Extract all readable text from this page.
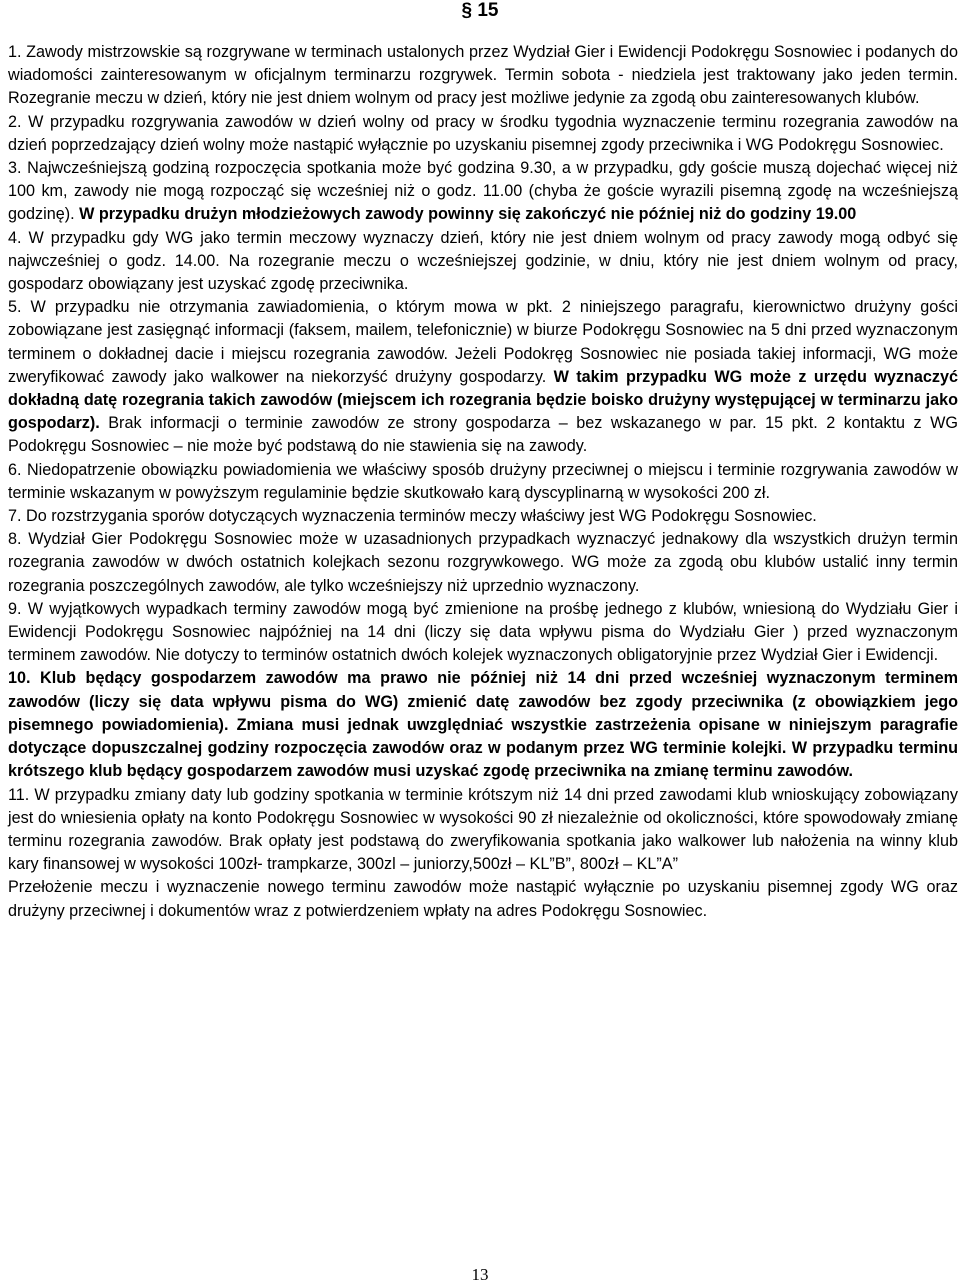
§ 15

1. Zawody mistrzowskie są rozgrywane w terminach ustalonych przez Wydział Gier i Ewidencji Podokręgu Sosnowiec i podanych do wiadomości zainteresowanym w oficjalnym terminarzu rozgrywek. Termin sobota - niedziela jest traktowany jako jeden termin. Rozegranie meczu w dzień, który nie jest dniem wolnym od pracy jest możliwe jedynie za zgodą obu zainteresowanych klubów.

2. W przypadku rozgrywania zawodów w dzień wolny od pracy w środku tygodnia wyznaczenie terminu rozegrania zawodów na dzień poprzedzający dzień wolny może nastąpić wyłącznie po uzyskaniu pisemnej zgody przeciwnika i WG Podokręgu Sosnowiec.

3. Najwcześniejszą godziną rozpoczęcia spotkania może być godzina 9.30, a w przypadku, gdy goście muszą dojechać więcej niż 100 km, zawody nie mogą rozpocząć się wcześniej niż o godz. 11.00 (chyba że goście wyrazili pisemną zgodę na wcześniejszą godzinę). W przypadku drużyn młodzieżowych zawody powinny się zakończyć nie później niż do godziny 19.00

4. W przypadku gdy WG jako termin meczowy wyznaczy dzień, który nie jest dniem wolnym od pracy zawody mogą odbyć się najwcześniej o godz. 14.00. Na rozegranie meczu o wcześniejszej godzinie, w dniu, który nie jest dniem wolnym od pracy, gospodarz obowiązany jest uzyskać zgodę przeciwnika.

5. W przypadku nie otrzymania zawiadomienia, o którym mowa w pkt. 2 niniejszego paragrafu, kierownictwo drużyny gości zobowiązane jest zasięgnąć informacji (faksem, mailem, telefonicznie) w biurze Podokręgu Sosnowiec na 5 dni przed wyznaczonym terminem o dokładnej dacie i miejscu rozegrania zawodów. Jeżeli Podokręg Sosnowiec nie posiada takiej informacji, WG może zweryfikować zawody jako walkower na niekorzyść drużyny gospodarzy. W takim przypadku WG może z urzędu wyznaczyć dokładną datę rozegrania takich zawodów (miejscem ich rozegrania będzie boisko drużyny występującej w terminarzu jako gospodarz). Brak informacji o terminie zawodów ze strony gospodarza – bez wskazanego w par. 15 pkt. 2 kontaktu z WG Podokręgu Sosnowiec – nie może być podstawą do nie stawienia się na zawody.

6. Niedopatrzenie obowiązku powiadomienia we właściwy sposób drużyny przeciwnej o miejscu i terminie rozgrywania zawodów w terminie wskazanym w powyższym regulaminie będzie skutkowało karą dyscyplinarną w wysokości 200 zł.

7. Do rozstrzygania sporów dotyczących wyznaczenia terminów meczy właściwy jest WG Podokręgu Sosnowiec.

8. Wydział Gier Podokręgu Sosnowiec może w uzasadnionych przypadkach wyznaczyć jednakowy dla wszystkich drużyn termin rozegrania zawodów w dwóch ostatnich kolejkach sezonu rozgrywkowego. WG może za zgodą obu klubów ustalić inny termin rozegrania poszczególnych zawodów, ale tylko wcześniejszy niż uprzednio wyznaczony.

9. W wyjątkowych wypadkach terminy zawodów mogą być zmienione na prośbę jednego z klubów, wniesioną do Wydziału Gier i Ewidencji Podokręgu Sosnowiec najpóźniej na 14 dni (liczy się data wpływu pisma do Wydziału Gier ) przed wyznaczonym terminem zawodów. Nie dotyczy to terminów ostatnich dwóch kolejek wyznaczonych obligatoryjnie przez Wydział Gier i Ewidencji.

10. Klub będący gospodarzem zawodów ma prawo nie później niż 14 dni przed wcześniej wyznaczonym terminem zawodów (liczy się data wpływu pisma do WG) zmienić datę zawodów bez zgody przeciwnika (z obowiązkiem jego pisemnego powiadomienia). Zmiana musi jednak uwzględniać wszystkie zastrzeżenia opisane w niniejszym paragrafie dotyczące dopuszczalnej godziny rozpoczęcia zawodów oraz w podanym przez WG terminie kolejki. W przypadku terminu krótszego klub będący gospodarzem zawodów musi uzyskać zgodę przeciwnika na zmianę terminu zawodów.

11. W przypadku zmiany daty lub godziny spotkania w terminie krótszym niż 14 dni przed zawodami klub wnioskujący zobowiązany jest do wniesienia opłaty na konto Podokręgu Sosnowiec w wysokości 90 zł niezależnie od okoliczności, które spowodowały zmianę terminu rozegrania zawodów. Brak opłaty jest podstawą do zweryfikowania spotkania jako walkower lub nałożenia na winny klub kary finansowej w wysokości 100zł- trampkarze, 300zl – juniorzy,500zł – KL”B”, 800zł – KL”A”

Przełożenie meczu i wyznaczenie nowego terminu zawodów może nastąpić wyłącznie po uzyskaniu pisemnej zgody WG oraz drużyny przeciwnej i dokumentów wraz z potwierdzeniem wpłaty na adres Podokręgu Sosnowiec.

13
